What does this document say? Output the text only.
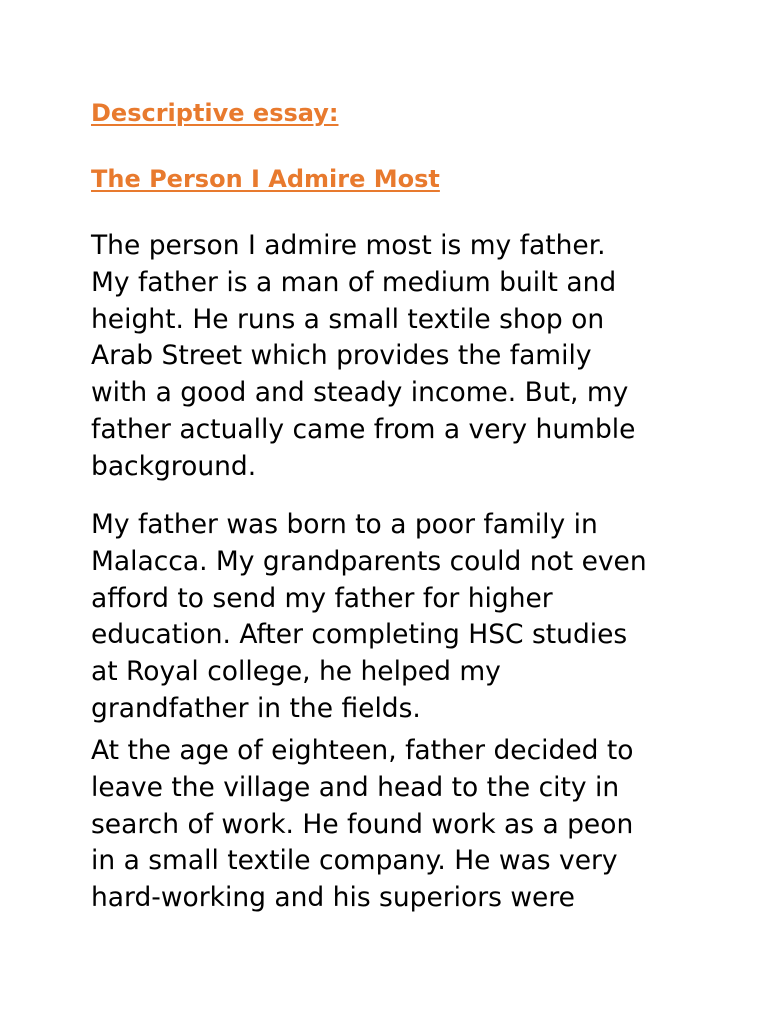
Descriptive essay:
The Person I Admire Most

The person I admire most is my father.
My father is a man of medium built and
height. He runs a small textile shop on
Arab Street which provides the family
with a good and steady income. But, my
father actually came from a very humble
background.

My father was born to a poor family in
Malacca. My grandparents could not even
afford to send my father for higher
education. After completing HSC studies
at Royal college, he helped my
grandfather in the fields.

At the age of eighteen, father decided to
leave the village and head to the city in
search of work. He found work as a peon
in a small textile company. He was very
hard-working and his superiors were
